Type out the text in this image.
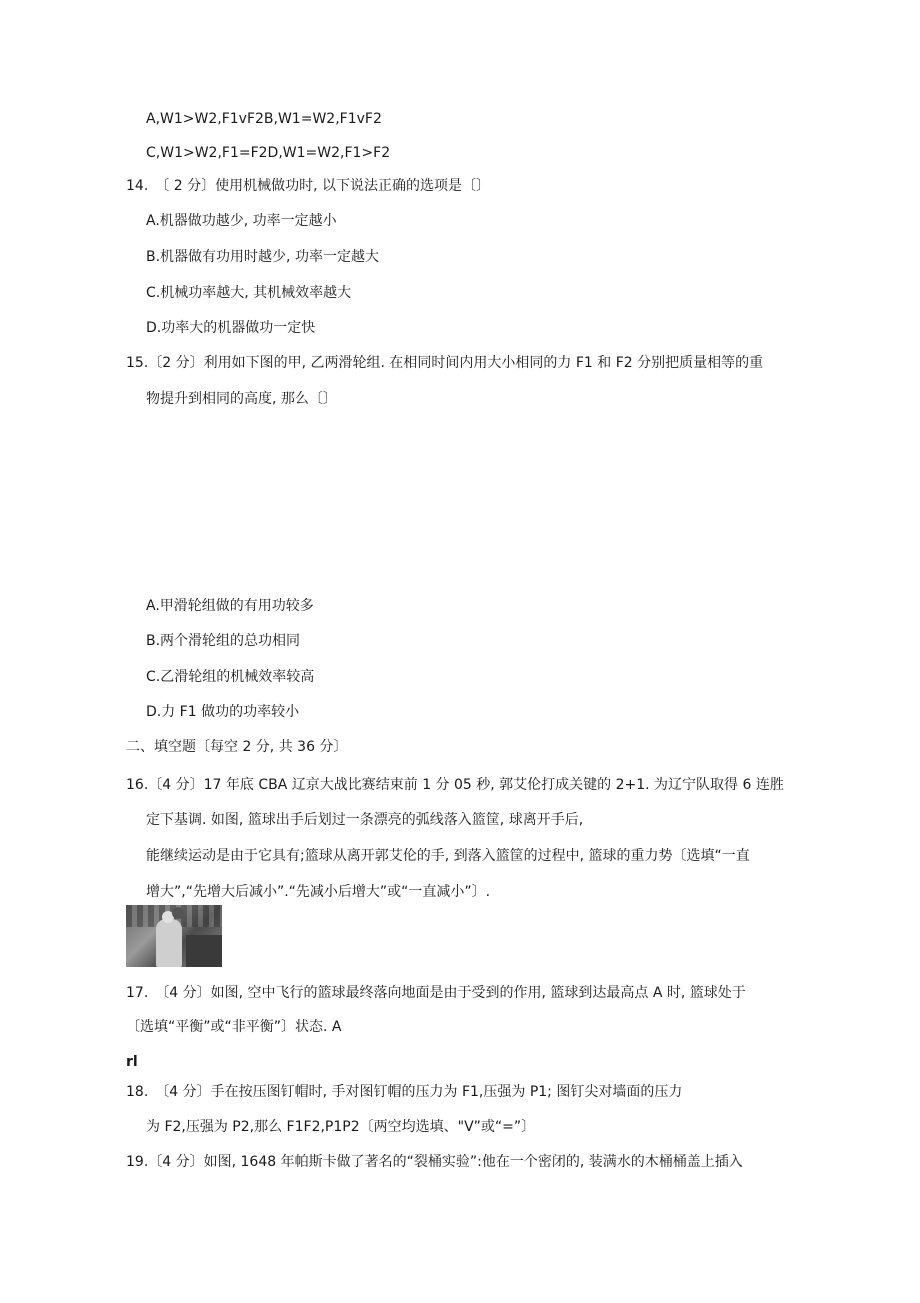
A,W1>W2,F1vF2B,W1=W2,F1vF2
C,W1>W2,F1=F2D,W1=W2,F1>F2
14.　〔 2 分〕使用机械做功时, 以下说法正确的选项是〔〕
A.机器做功越少, 功率一定越小
B.机器做有功用时越少, 功率一定越大
C.机械功率越大, 其机械效率越大
D.功率大的机器做功一定快
15.〔2 分〕利用如下图的甲, 乙两滑轮组. 在相同时间内用大小相同的力 F1 和 F2 分别把质量相等的重
物提升到相同的高度, 那么〔〕
A.甲滑轮组做的有用功较多
B.两个滑轮组的总功相同
C.乙滑轮组的机械效率较高
D.力 F1 做功的功率较小
二、填空题〔每空 2 分, 共 36 分〕
16.〔4 分〕17 年底 CBA 辽京大战比赛结束前 1 分 05 秒, 郭艾伦打成关键的 2+1. 为辽宁队取得 6 连胜
定下基调. 如图, 篮球出手后划过一条漂亮的弧线落入篮筐, 球离开手后,
能继续运动是由于它具有;篮球从离开郭艾伦的手, 到落入篮筐的过程中, 篮球的重力势〔选填“一直
增大”,“先增大后减小”.“先减小后增大”或“一直减小”〕.
17.　〔4 分〕如图, 空中飞行的篮球最终落向地面是由于受到的作用, 篮球到达最高点 A 时, 篮球处于
〔选填“平衡”或“非平衡”〕状态. A
rl
18.　〔4 分〕手在按压图钉帽时, 手对图钉帽的压力为 F1,压强为 P1; 图钉尖对墙面的压力
为 F2,压强为 P2,那么 F1F2,P1P2〔两空均选填、"V”或“=”〕
19.〔4 分〕如图, 1648 年帕斯卡做了著名的“裂桶实验”:他在一个密闭的, 装满水的木桶桶盖上插入
